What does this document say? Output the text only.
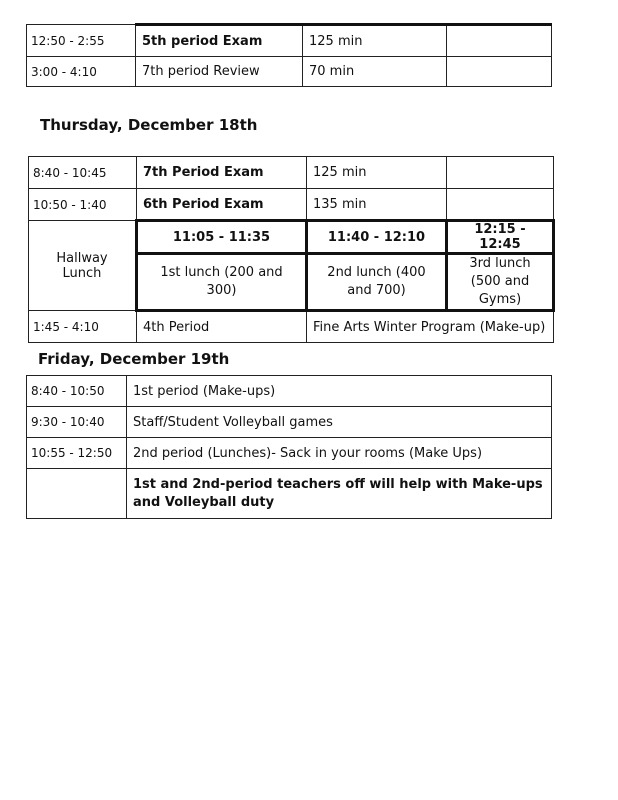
12:50 - 2:55	5th period Exam	125 min	
3:00 - 4:10	7th period Review	70 min	
Thursday, December 18th
8:40 - 10:45	7th Period Exam	125 min	
10:50 - 1:40	6th Period Exam	135 min	
Hallway Lunch	11:05 - 11:35	11:40 - 12:10	12:15 - 12:45
	1st lunch (200 and 300)	2nd lunch (400 and 700)	3rd lunch (500 and Gyms)
1:45 - 4:10	4th Period	Fine Arts Winter Program (Make-up)	
Friday, December 19th
8:40 - 10:50	1st period (Make-ups)
9:30 - 10:40	Staff/Student Volleyball games
10:55 - 12:50	2nd period (Lunches)- Sack in your rooms (Make Ups)
	1st and 2nd-period teachers off will help with Make-ups and Volleyball duty
